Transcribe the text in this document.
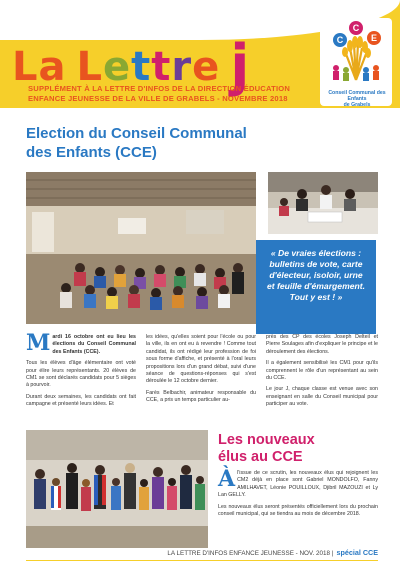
La Lettre j
SUPPLÉMENT À LA LETTRE D'INFOS DE LA DIRECTION ÉDUCATION
ENFANCE JEUNESSE DE LA VILLE DE GRABELS - NOVEMBRE 2018
C
C
E
Conseil Communal des Enfants
de Grabels
Election du Conseil Communal
des Enfants (CCE)
« De vraies élections : bulletins de vote, carte d'électeur, isoloir, urne et feuille d'émargement. Tout y est ! »

Mardi 16 octobre ont eu lieu les élections du Conseil Communal des Enfants (CCE).

Tous les élèves d'âge élémentaire ont voté pour élire leurs représentants. 20 élèves de CM1 se sont déclarés candidats pour 5 sièges à pourvoir.

Durant deux semaines, les candidats ont fait campagne et présenté leurs idées. Et

les idées, qu'elles soient pour l'école ou pour la ville, ils en ont eu à revendre ! Comme tout candidat, ils ont rédigé leur profession de foi sous forme d'affiche, et présenté à l'oral leurs propositions lors d'un grand débat, suivi d'une séance de questions-réponses qui s'est déroulée le 12 octobre dernier.

Farès Belbachir, animateur responsable du CCE, a pris un temps particulier au-

près des CP des écoles Joseph Delteil et Pierre Soulages afin d'expliquer le principe et le déroulement des élections.

Il a également sensibilisé les CM1 pour qu'ils comprennent le rôle d'un représentant au sein du CCE.

Le jour J, chaque classe est venue avec son enseignant en salle du Conseil municipal pour participer au vote.

Les nouveaux
élus au CCE

Àl'issue de ce scrutin, les nouveaux élus qui rejoignent les CM2 déjà en place sont Gabriel MONDOLFO, Fanny AMILHAVET, Léonie POUILLOUX, Djibril MAZOUZI et Ly Lan GELLY.

Les nouveaux élus seront présentés officiellement lors du prochain conseil municipal, qui se tiendra au mois de décembre 2018.

LA LETTRE D'INFOS ENFANCE JEUNESSE - NOV. 2018 | spécial CCE
